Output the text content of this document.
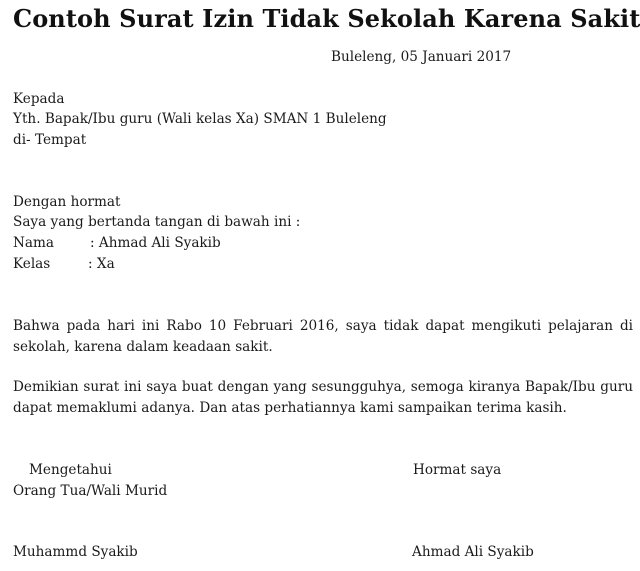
Contoh Surat Izin Tidak Sekolah Karena Sakit
Buleleng, 05 Januari 2017
Kepada
Yth. Bapak/Ibu guru (Wali kelas Xa) SMAN 1 Buleleng
di- Tempat
Dengan hormat
Saya yang bertanda tangan di bawah ini :
Nama	: Ahmad Ali Syakib
Kelas	: Xa
Bahwa pada hari ini Rabo 10 Februari 2016, saya tidak dapat mengikuti pelajaran di sekolah, karena dalam keadaan sakit.
Demikian surat ini saya buat dengan yang sesungguhya, semoga kiranya Bapak/Ibu guru dapat memaklumi adanya. Dan atas perhatiannya kami sampaikan terima kasih.
Mengetahui	Hormat saya
Orang Tua/Wali Murid
Muhammd Syakib	Ahmad Ali Syakib
